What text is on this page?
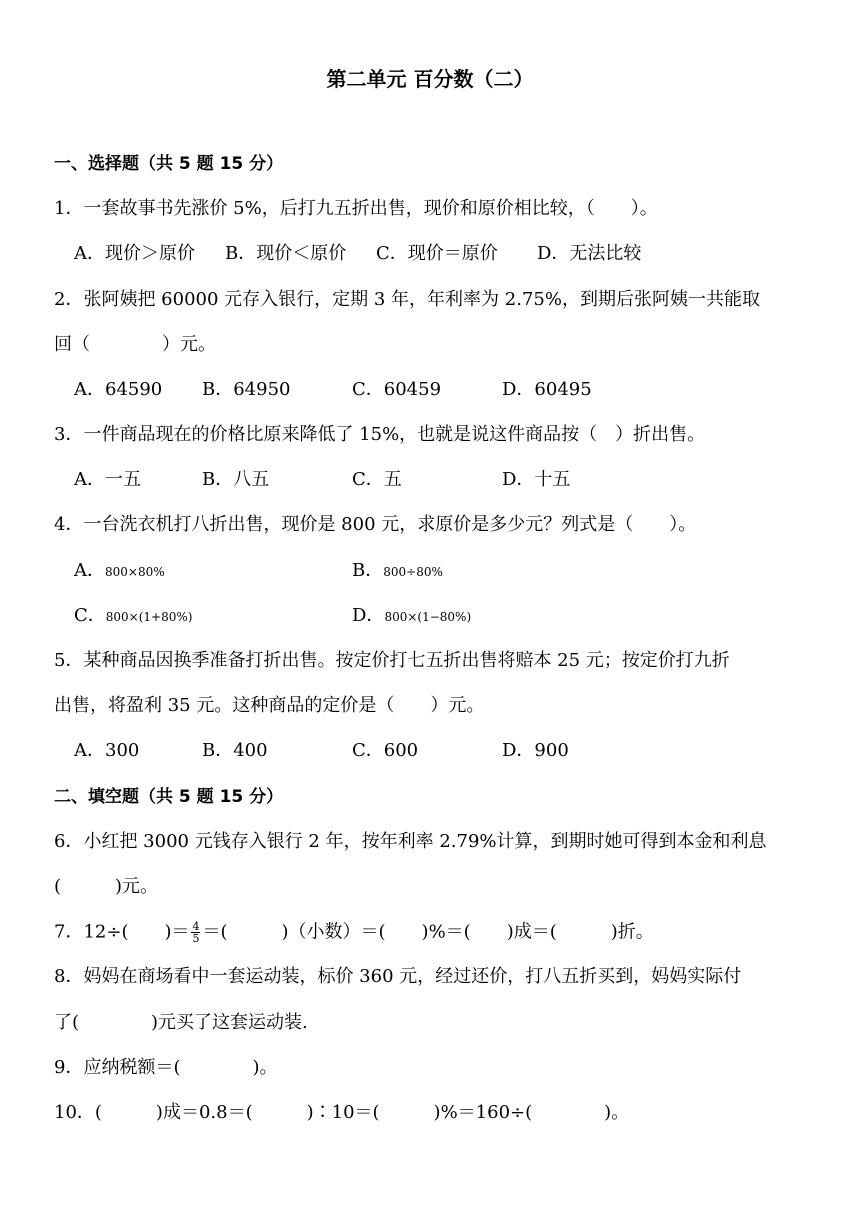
第二单元 百分数（二）
一、选择题（共 5 题 15 分）
1．一套故事书先涨价 5%，后打九五折出售，现价和原价相比较，（　　）。
A．现价＞原价 B．现价＜原价 C．现价＝原价 D．无法比较
2．张阿姨把 60000 元存入银行，定期 3 年，年利率为 2.75%，到期后张阿姨一共能取
回（　　　　）元。
A．64590 B．64950	C．60459	D．60495
3．一件商品现在的价格比原来降低了 15%，也就是说这件商品按（　）折出售。
A．一五	B．八五	C．五	D．十五
4．一台洗衣机打八折出售，现价是 800 元，求原价是多少元？列式是（　　）。
A．800×80%	B．800÷80%
C．800×(1+80%)	D．800×(1−80%)
5．某种商品因换季准备打折出售。按定价打七五折出售将赔本 25 元；按定价打九折
出售，将盈利 35 元。这种商品的定价是（　　）元。
A．300	B．400	C．600	D．900
二、填空题（共 5 题 15 分）
6．小红把 3000 元钱存入银行 2 年，按年利率 2.79%计算，到期时她可得到本金和利息
(　　　)元。
7．12÷(　　)＝ $\frac{4}{5}$ ＝(　　　)（小数）＝(　　)%＝(　　)成＝(　　　)折。
8．妈妈在商场看中一套运动装，标价 360 元，经过还价，打八五折买到，妈妈实际付
了(　　　　)元买了这套运动装.
9．应纳税额＝(　　　　)。
10．(　　　)成＝0.8＝(　　　)∶10＝(　　　)%＝160÷(　　　　)。
